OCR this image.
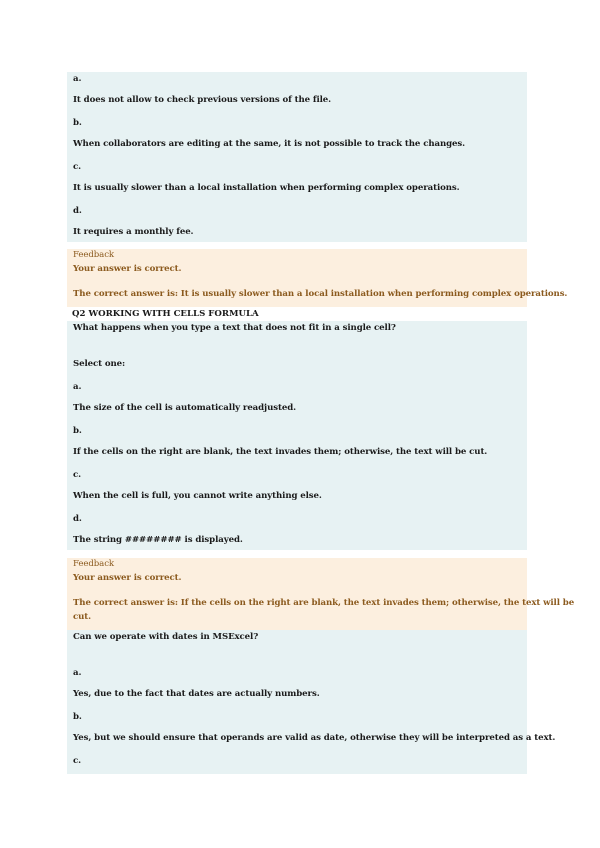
a.
It does not allow to check previous versions of the file.
b.
When collaborators are editing at the same, it is not possible to track the changes.
c.
It is usually slower than a local installation when performing complex operations.
d.
It requires a monthly fee.
Feedback
Your answer is correct.
The correct answer is: It is usually slower than a local installation when performing complex operations.
Q2 WORKING WITH CELLS FORMULA
What happens when you type a text that does not fit in a single cell?
Select one:
a.
The size of the cell is automatically readjusted.
b.
If the cells on the right are blank, the text invades them; otherwise, the text will be cut.
c.
When the cell is full, you cannot write anything else.
d.
The string ######## is displayed.
Feedback
Your answer is correct.
The correct answer is: If the cells on the right are blank, the text invades them; otherwise, the text will be
cut.
Can we operate with dates in MSExcel?
a.
Yes, due to the fact that dates are actually numbers.
b.
Yes, but we should ensure that operands are valid as date, otherwise they will be interpreted as a text.
c.
